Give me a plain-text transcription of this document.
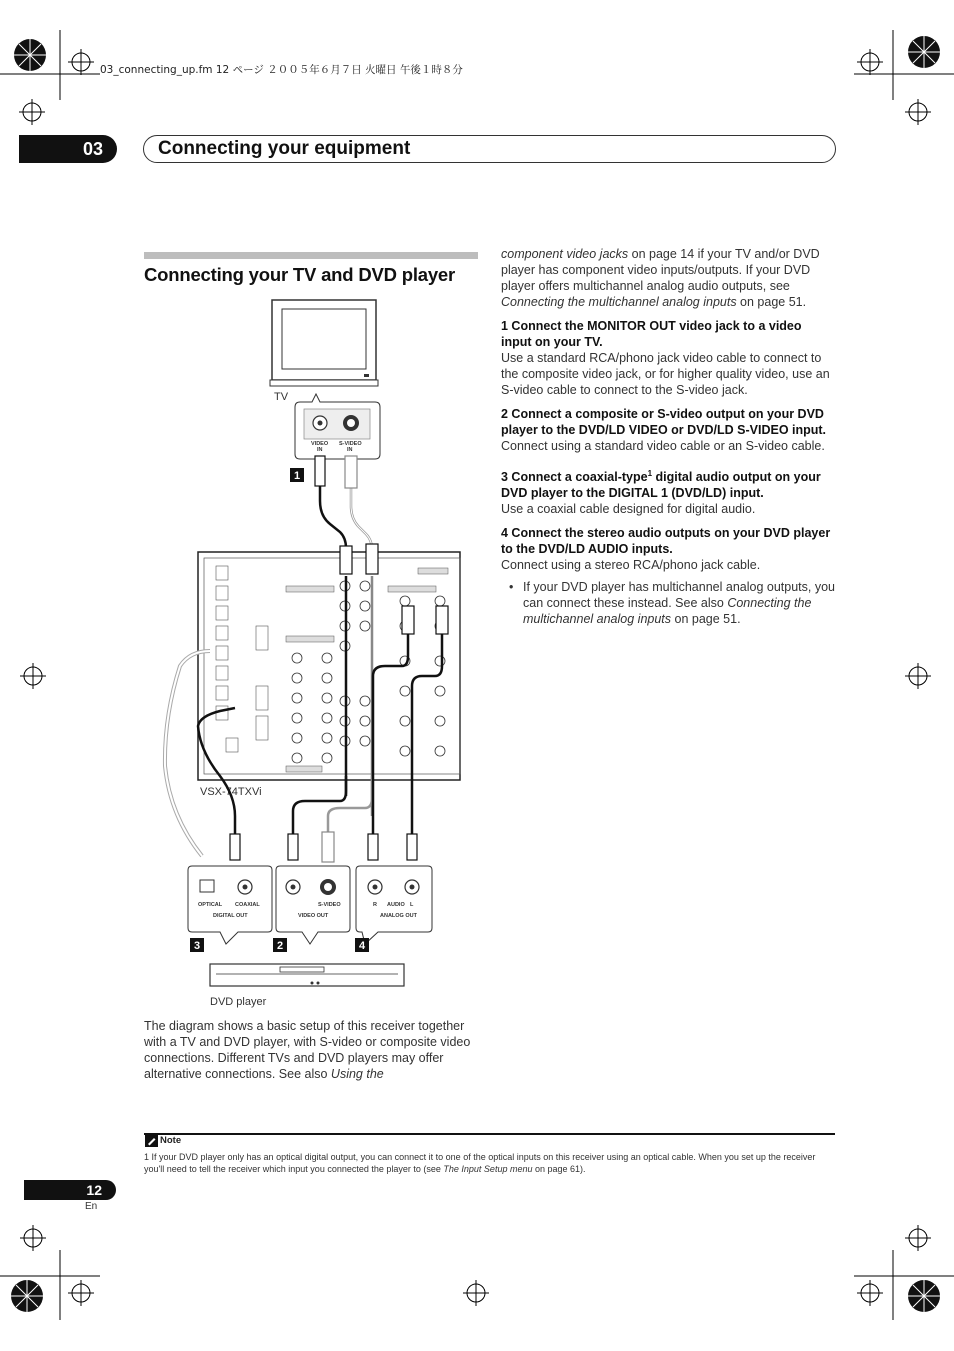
03_connecting_up.fm 12 ページ ２００５年６月７日 火曜日 午後１時８分
03	Connecting your equipment
Connecting your TV and DVD player
TV
VIDEO
IN
S-VIDEO
IN
1
VSX-74TXVi
OPTICAL COAXIAL
DIGITAL OUT
S-VIDEO
VIDEO OUT
R AUDIO L
ANALOG OUT
3	2	4
DVD player
The diagram shows a basic setup of this receiver together with a TV and DVD player, with S-video or composite video connections. Different TVs and DVD players may offer alternative connections. See also Using the
component video jacks on page 14 if your TV and/or DVD player has component video inputs/outputs. If your DVD player offers multichannel analog audio outputs, see Connecting the multichannel analog inputs on page 51.
1 Connect the MONITOR OUT video jack to a video input on your TV.
Use a standard RCA/phono jack video cable to connect to the composite video jack, or for higher quality video, use an S-video cable to connect to the S-video jack.
2 Connect a composite or S-video output on your DVD player to the DVD/LD VIDEO or DVD/LD S-VIDEO input.
Connect using a standard video cable or an S-video cable.
3 Connect a coaxial-type$^1$ digital audio output on your DVD player to the DIGITAL 1 (DVD/LD) input.
Use a coaxial cable designed for digital audio.
4 Connect the stereo audio outputs on your DVD player to the DVD/LD AUDIO inputs.
Connect using a stereo RCA/phono jack cable.
• If your DVD player has multichannel analog outputs, you can connect these instead. See also Connecting the multichannel analog inputs on page 51.
Note
1 If your DVD player only has an optical digital output, you can connect it to one of the optical inputs on this receiver using an optical cable. When you set up the receiver you'll need to tell the receiver which input you connected the player to (see The Input Setup menu on page 61).
12
En
